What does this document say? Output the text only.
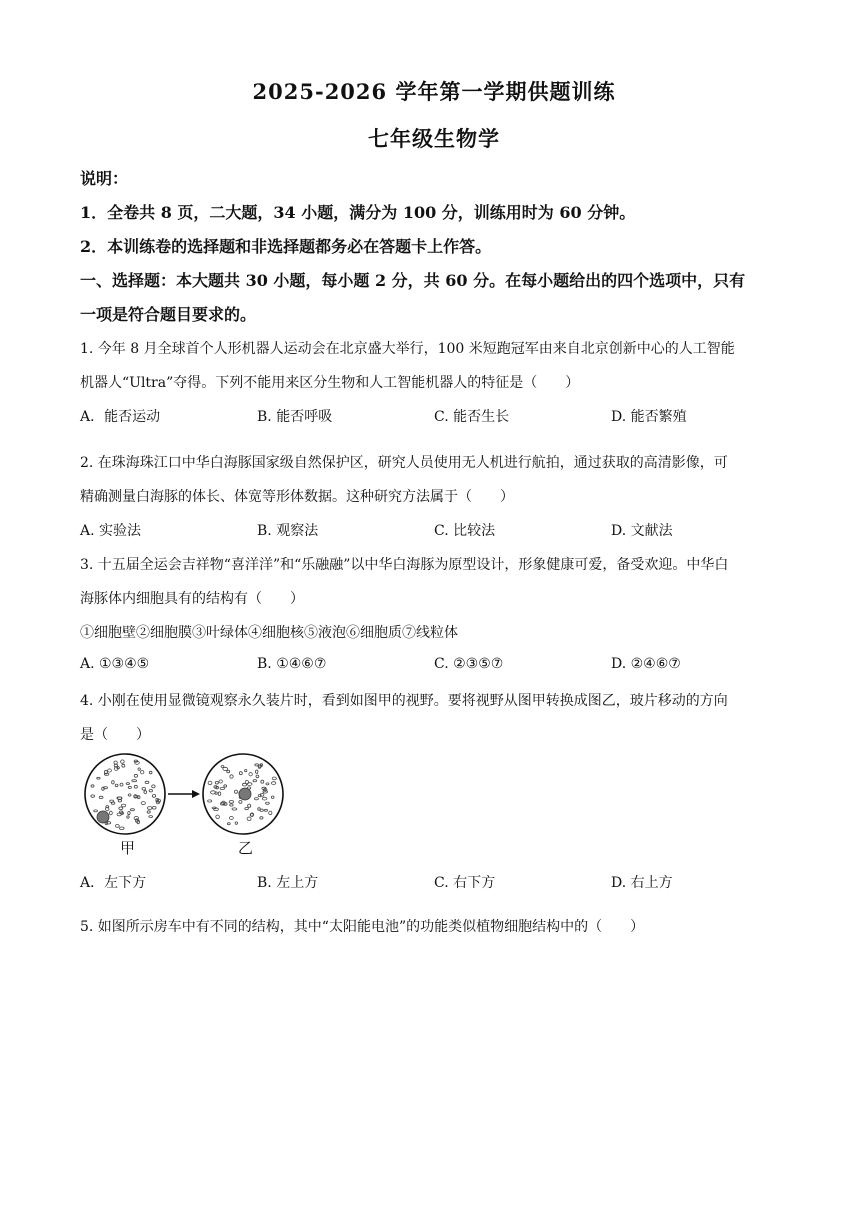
2025-2026 学年第一学期供题训练
七年级生物学
说明：
1．全卷共 8 页，二大题，34 小题，满分为 100 分，训练用时为 60 分钟。
2．本训练卷的选择题和非选择题都务必在答题卡上作答。
一、选择题：本大题共 30 小题，每小题 2 分，共 60 分。在每小题给出的四个选项中，只有
一项是符合题目要求的。
1. 今年 8 月全球首个人形机器人运动会在北京盛大举行，100 米短跑冠军由来自北京创新中心的人工智能
机器人“Ultra”夺得。下列不能用来区分生物和人工智能机器人的特征是（　　）
A．能否运动	B. 能否呼吸	C. 能否生长	D. 能否繁殖
2. 在珠海珠江口中华白海豚国家级自然保护区，研究人员使用无人机进行航拍，通过获取的高清影像，可
精确测量白海豚的体长、体宽等形体数据。这种研究方法属于（　　）
A. 实验法	B. 观察法	C. 比较法	D. 文献法
3. 十五届全运会吉祥物“喜洋洋”和“乐融融”以中华白海豚为原型设计，形象健康可爱，备受欢迎。中华白
海豚体内细胞具有的结构有（　　）
①细胞壁②细胞膜③叶绿体④细胞核⑤液泡⑥细胞质⑦线粒体
A. ①③④⑤	B. ①④⑥⑦	C. ②③⑤⑦	D. ②④⑥⑦
4. 小刚在使用显微镜观察永久装片时，看到如图甲的视野。要将视野从图甲转换成图乙，玻片移动的方向
是（　　）
甲	乙
A．左下方	B. 左上方	C. 右下方	D. 右上方
5. 如图所示房车中有不同的结构，其中“太阳能电池”的功能类似植物细胞结构中的（　　）
